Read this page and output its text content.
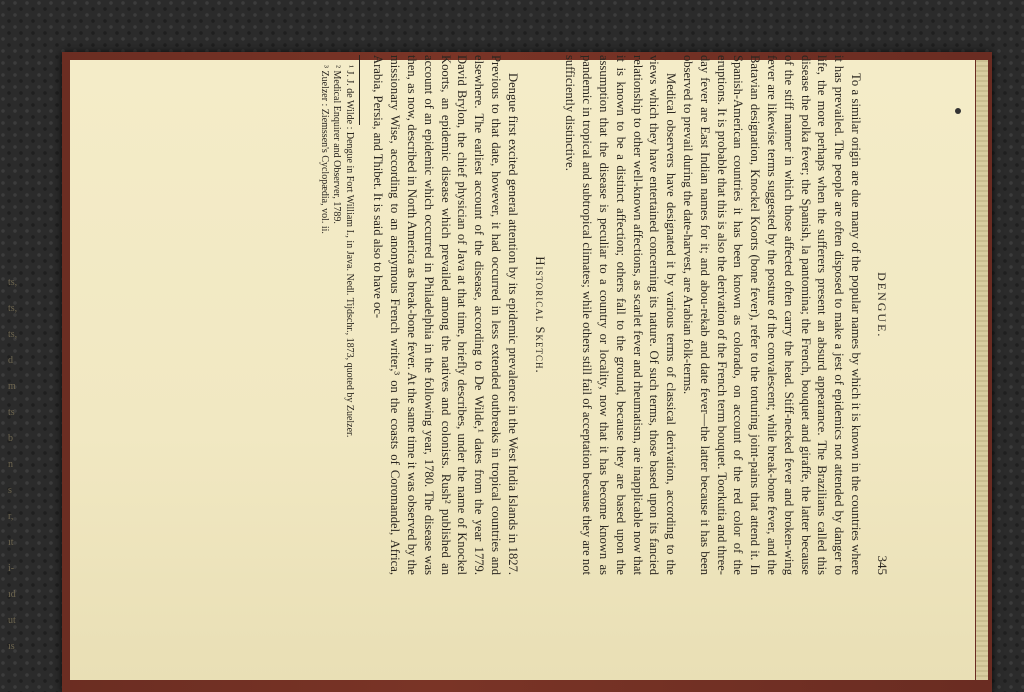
ts,
ts,
ts,
d
m
ts
b
n
s
r,
ıt
i-
ıd
ut
ıs
DENGUE.
345

To a similar origin are due many of the popular names by which it is known in the countries where it has prevailed. The people are often disposed to make a jest of epidemics not attended by danger to life, the more perhaps when the sufferers present an absurd appearance. The Brazilians called this disease the polka fever; the Spanish, la pantomina; the French, bouquet and giraffe, the latter because of the stiff manner in which those affected often carry the head. Stiff-necked fever and broken-wing fever are likewise terms suggested by the posture of the convalescent; while break-bone fever, and the Batavian designation, Knockel Koorts (bone fever), refer to the torturing joint-pains that attend it. In Spanish-American countries it has been known as colorado, on account of the red color of the eruptions. It is probable that this is also the derivation of the French term bouquet. Toorkutia and three-day fever are East Indian names for it; and abou-rekab and date fever—the latter because it has been observed to prevail during the date-harvest, are Arabian folk-terms.

Medical observers have designated it by various terms of classical derivation, according to the views which they have entertained concerning its nature. Of such terms, those based upon its fancied relationship to other well-known affections, as scarlet fever and rheumatism, are inapplicable now that it is known to be a distinct affection; others fall to the ground, because they are based upon the assumption that the disease is peculiar to a country or locality, now that it has become known as pandemic in tropical and subtropical climates; while others still fail of acceptation because they are not sufficiently distinctive.

Historical Sketch.

Dengue first excited general attention by its epidemic prevalence in the West India Islands in 1827. Previous to that date, however, it had occurred in less extended outbreaks in tropical countries and elsewhere. The earliest account of the disease, according to De Wilde,¹ dates from the year 1779. David Brylon, the chief physician of Java at that time, briefly describes, under the name of Knockel Koorts, an epidemic disease which prevailed among the natives and colonists. Rush² published an account of an epidemic which occurred in Philadelphia in the following year, 1780. The disease was then, as now, described in North America as break-bone fever. At the same time it was observed by the missionary Wise, according to an anonymous French writer,³ on the coasts of Coromandel, Africa, Arabia, Persia, and Thibet. It is said also to have oc-

¹ J. J. de Wilde : Dengue in Fort William I., in Java. Nedl. Tijdschr., 1873, quoted by Zuelzer.

² Medical Enquirer and Observer, 1789.

³ Zuelzer : Ziemssen's Cyclopædia, vol. ii.
